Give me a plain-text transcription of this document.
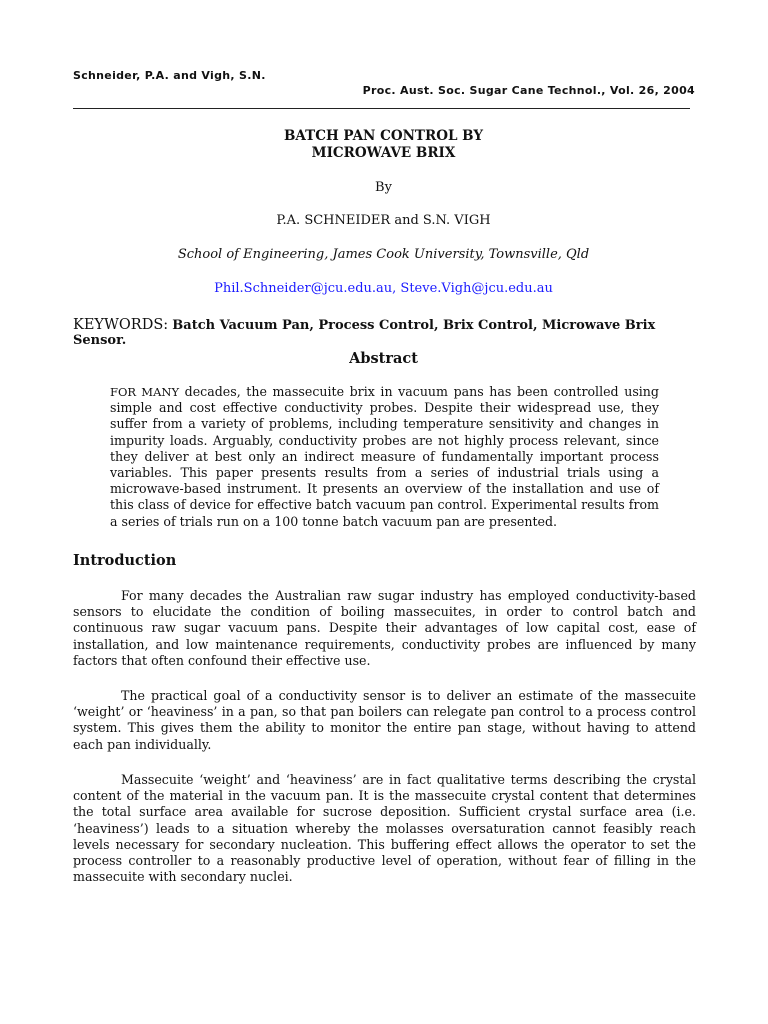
Schneider, P.A. and Vigh, S.N.
Proc. Aust. Soc. Sugar Cane Technol., Vol. 26, 2004
BATCH PAN CONTROL BY
MICROWAVE BRIX
By
P.A. SCHNEIDER and S.N. VIGH
School of Engineering, James Cook University, Townsville, Qld
Phil.Schneider@jcu.edu.au, Steve.Vigh@jcu.edu.au
KEYWORDS: Batch Vacuum Pan, Process Control, Brix Control, Microwave Brix Sensor.
Abstract
FOR MANY decades, the massecuite brix in vacuum pans has been controlled using simple and cost effective conductivity probes. Despite their widespread use, they suffer from a variety of problems, including temperature sensitivity and changes in impurity loads. Arguably, conductivity probes are not highly process relevant, since they deliver at best only an indirect measure of fundamentally important process variables. This paper presents results from a series of industrial trials using a microwave-based instrument. It presents an overview of the installation and use of this class of device for effective batch vacuum pan control. Experimental results from a series of trials run on a 100 tonne batch vacuum pan are presented.
Introduction
For many decades the Australian raw sugar industry has employed conductivity-based sensors to elucidate the condition of boiling massecuites, in order to control batch and continuous raw sugar vacuum pans. Despite their advantages of low capital cost, ease of installation, and low maintenance requirements, conductivity probes are influenced by many factors that often confound their effective use.
The practical goal of a conductivity sensor is to deliver an estimate of the massecuite ‘weight’ or ‘heaviness’ in a pan, so that pan boilers can relegate pan control to a process control system. This gives them the ability to monitor the entire pan stage, without having to attend each pan individually.
Massecuite ‘weight’ and ‘heaviness’ are in fact qualitative terms describing the crystal content of the material in the vacuum pan. It is the massecuite crystal content that determines the total surface area available for sucrose deposition. Sufficient crystal surface area (i.e. ‘heaviness’) leads to a situation whereby the molasses oversaturation cannot feasibly reach levels necessary for secondary nucleation. This buffering effect allows the operator to set the process controller to a reasonably productive level of operation, without fear of filling in the massecuite with secondary nuclei.
